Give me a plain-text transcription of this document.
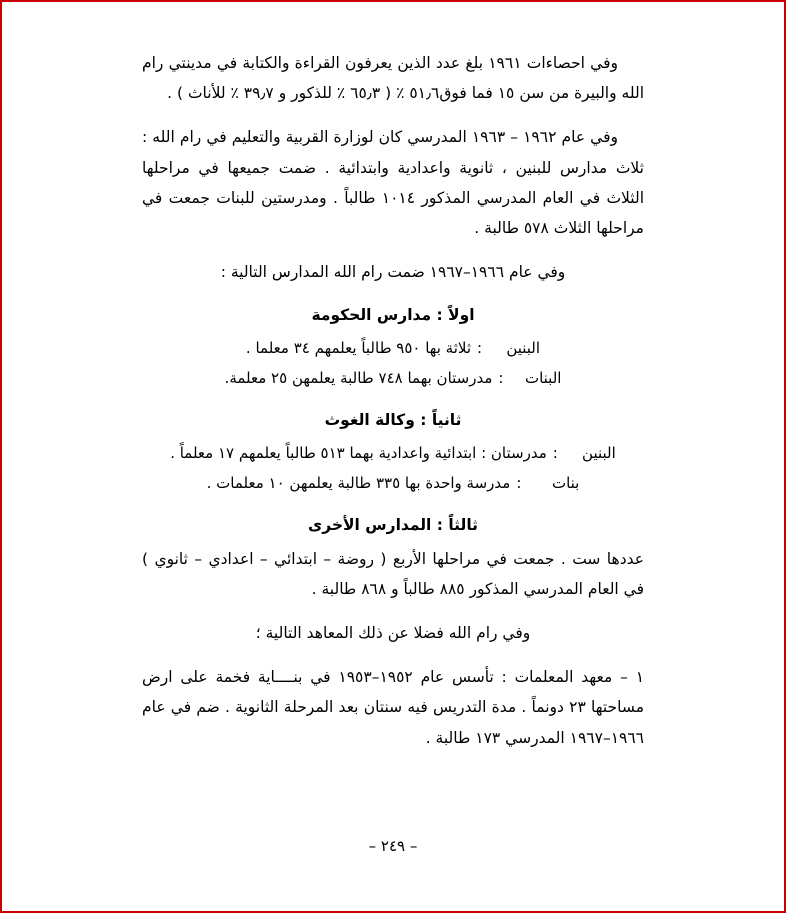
وفي احصاءات ١٩٦١ بلغ عدد الذين يعرفون القراءة والكتابة في مدينتي رام الله والبيرة من سن ١٥ فما فوق٥١٫٦ ٪ ( ٦٥٫٣ ٪ للذكور و ٣٩٫٧ ٪ للأناث ) .

وفي عام ١٩٦٢ – ١٩٦٣ المدرسي كان لوزارة القربية والتعليم في رام الله : ثلاث مدارس للبنين ، ثانوية واعدادية وابتدائية . ضمت جميعها في مراحلها الثلاث في العام المدرسي المذكور ١٠١٤ طالباً . ومدرستين للبنات جمعت في مراحلها الثلاث ٥٧٨ طالبة .

وفي عام ١٩٦٦–١٩٦٧ ضمت رام الله المدارس التالية :

اولاً : مدارس الحكومة
البنين:ثلاثة بها ٩٥٠ طالباً يعلمهم ٣٤ معلما .
البنات:مدرستان بهما ٧٤٨ طالبة يعلمهن ٢٥ معلمة.
ثانياً : وكالة الغوث
البنين:مدرستان : ابتدائية واعدادية بهما ٥١٣ طالباً يعلمهم ١٧ معلماً .
بنات:مدرسة واحدة بها ٣٣٥ طالبة يعلمهن ١٠ معلمات .
ثالثاً : المدارس الأخرى

عددها ست . جمعت في مراحلها الأربع ( روضة – ابتدائي – اعدادي – ثانوي ) في العام المدرسي المذكور ٨٨٥ طالباً و ٨٦٨ طالبة .

وفي رام الله فضلا عن ذلك المعاهد التالية ؛

١ – معهد المعلمات : تأسس عام ١٩٥٢–١٩٥٣ في بنــــاية فخمة على ارض مساحتها ٢٣ دونماً . مدة التدريس فيه سنتان بعد المرحلة الثانوية . ضم في عام ١٩٦٦–١٩٦٧ المدرسي ١٧٣ طالبة .

– ٢٤٩ –
